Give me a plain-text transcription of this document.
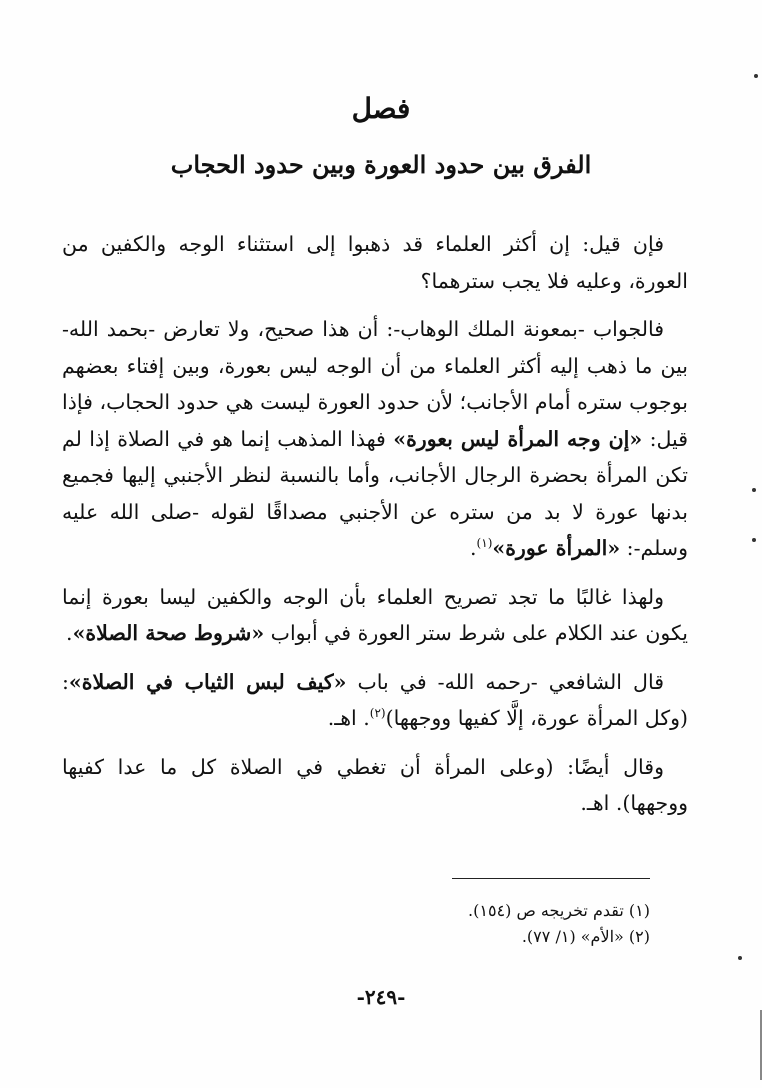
فصل
الفرق بين حدود العورة وبين حدود الحجاب

فإن قيل: إن أكثر العلماء قد ذهبوا إلى استثناء الوجه والكفين من العورة، وعليه فلا يجب سترهما؟

فالجواب -بمعونة الملك الوهاب-: أن هذا صحيح، ولا تعارض -بحمد الله- بين ما ذهب إليه أكثر العلماء من أن الوجه ليس بعورة، وبين إفتاء بعضهم بوجوب ستره أمام الأجانب؛ لأن حدود العورة ليست هي حدود الحجاب، فإذا قيل: «إن وجه المرأة ليس بعورة» فهذا المذهب إنما هو في الصلاة إذا لم تكن المرأة بحضرة الرجال الأجانب، وأما بالنسبة لنظر الأجنبي إليها فجميع بدنها عورة لا بد من ستره عن الأجنبي مصداقًا لقوله -صلى الله عليه وسلم-: «المرأة عورة»$^{(١)}$.

ولهذا غالبًا ما تجد تصريح العلماء بأن الوجه والكفين ليسا بعورة إنما يكون عند الكلام على شرط ستر العورة في أبواب «شروط صحة الصلاة».

قال الشافعي -رحمه الله- في باب «كيف لبس الثياب في الصلاة»: (وكل المرأة عورة، إلَّا كفيها ووجهها)$^{(٢)}$. اهـ.

وقال أيضًا: (وعلى المرأة أن تغطي في الصلاة كل ما عدا كفيها ووجهها). اهـ.

(١) تقدم تخريجه ص (١٥٤).
(٢) «الأم» (١/ ٧٧).
-٢٤٩-
